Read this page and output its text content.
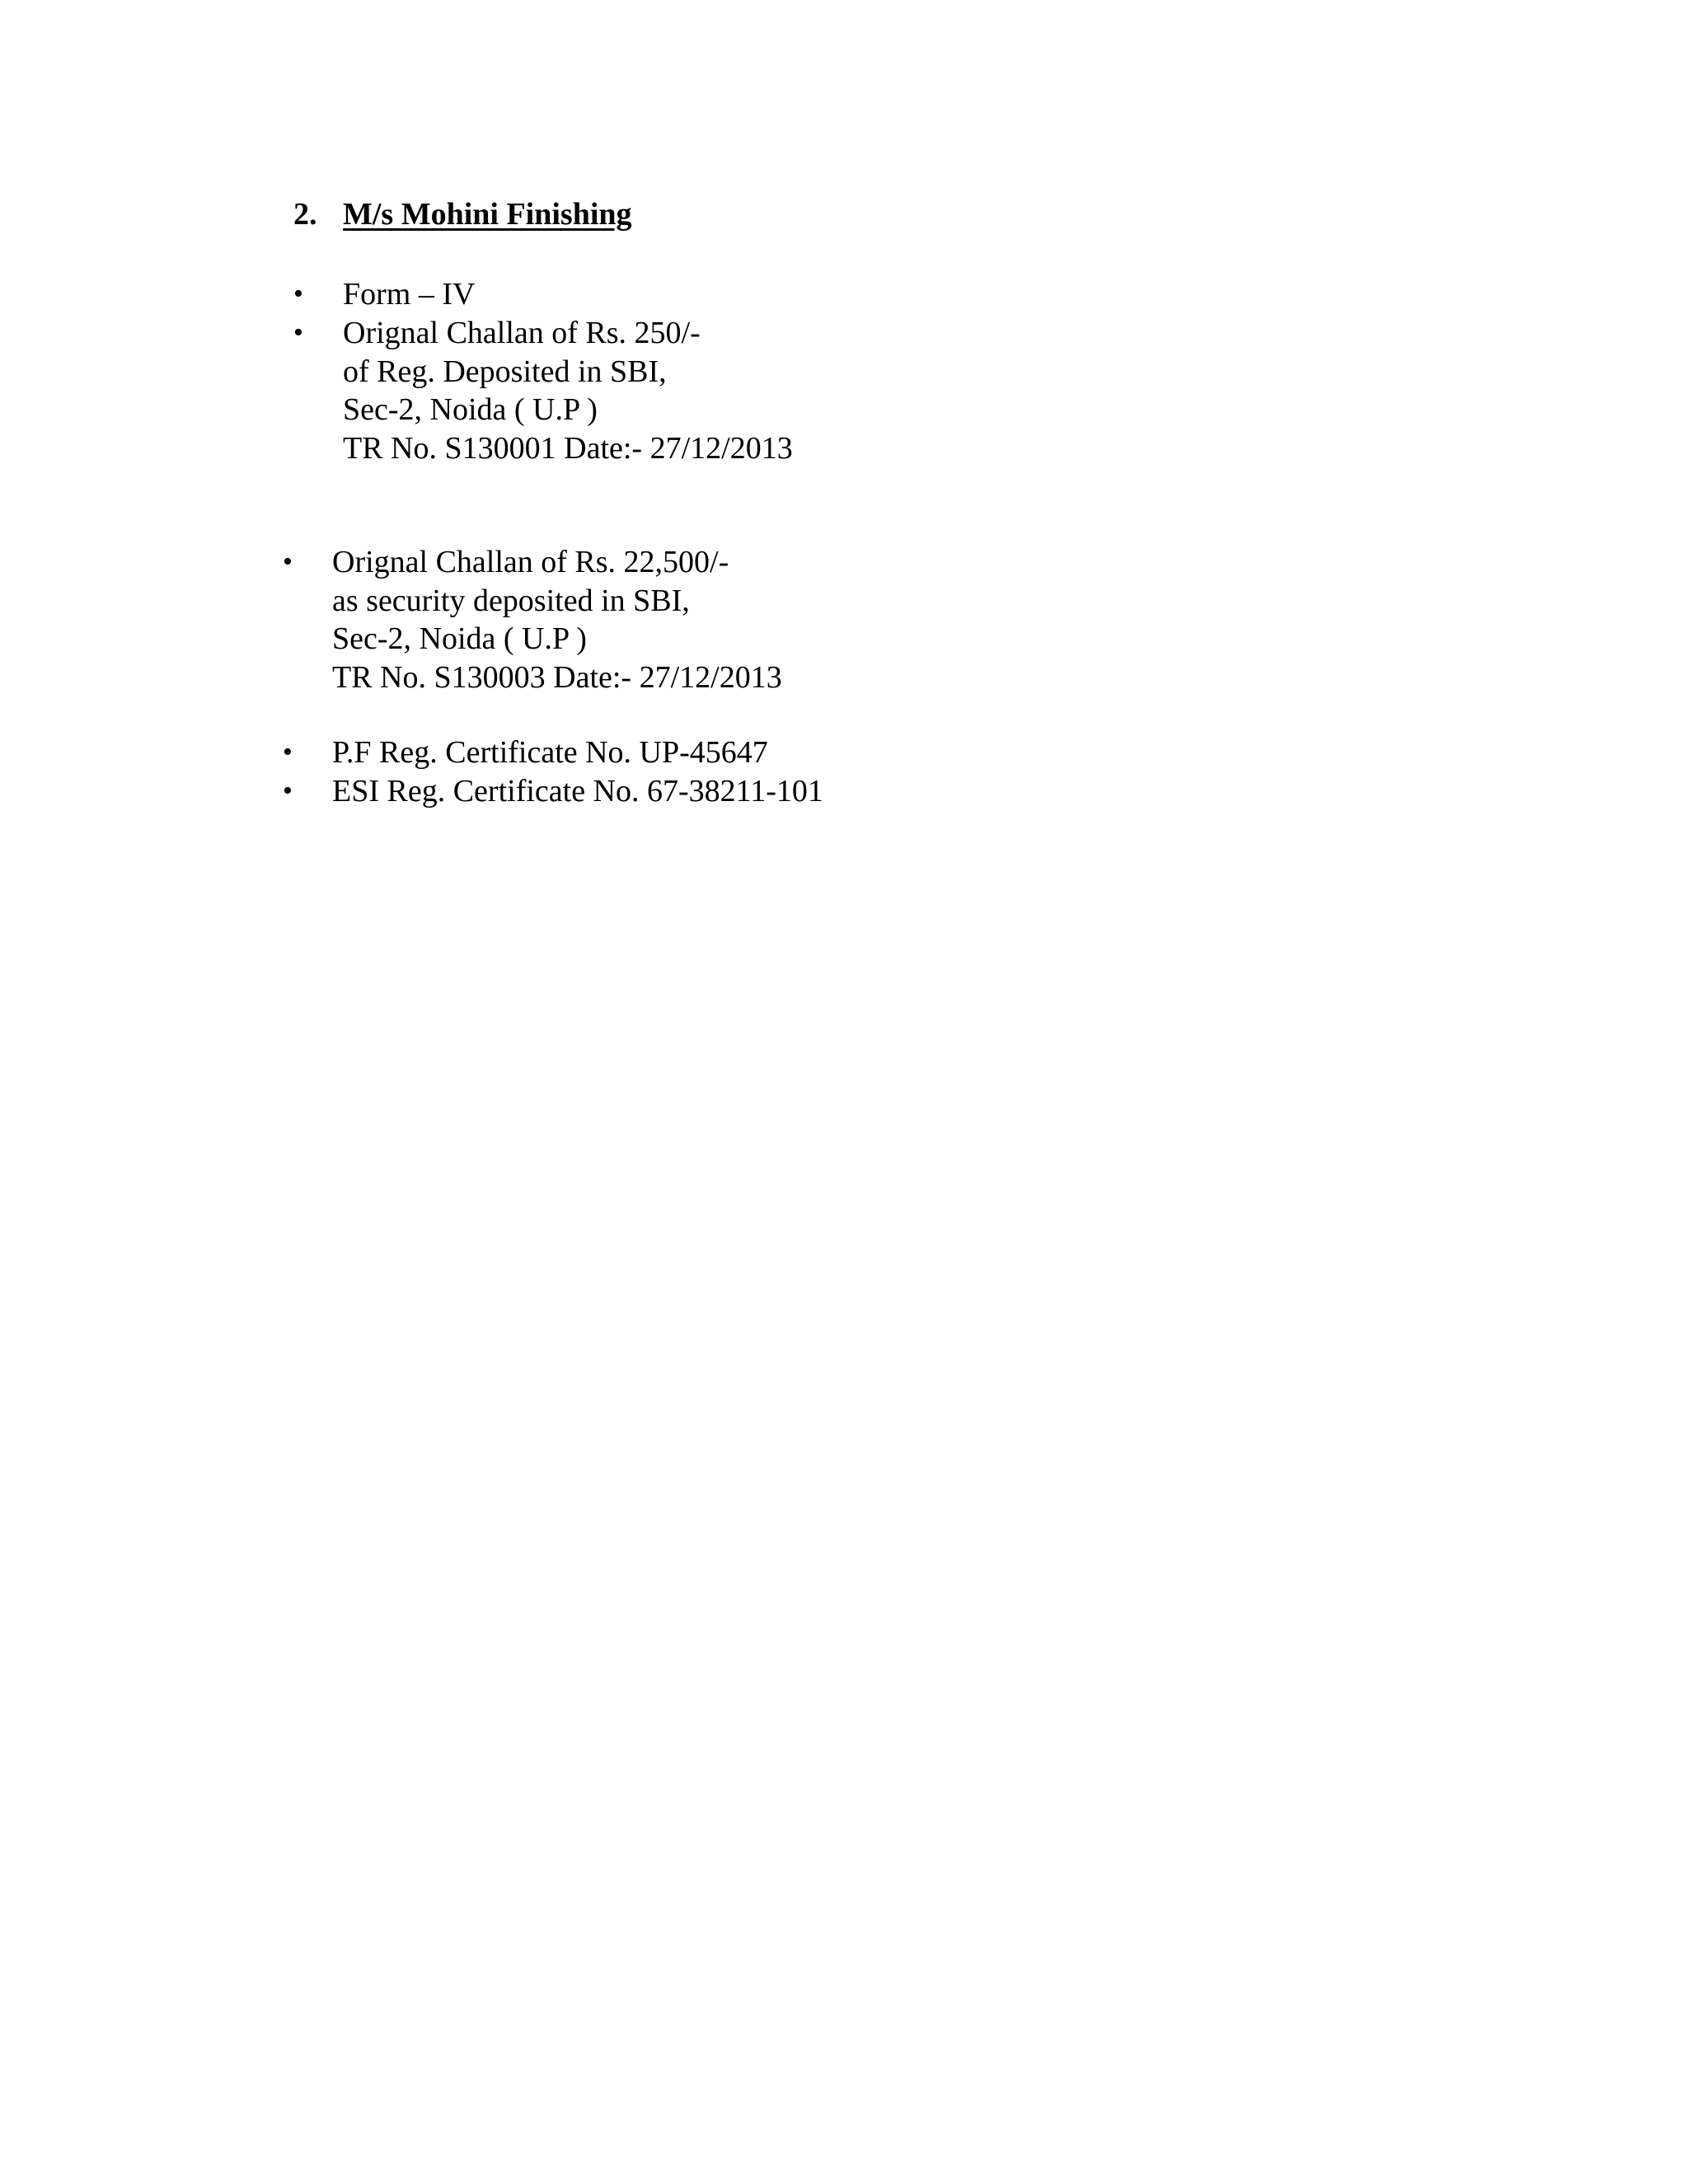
2. M/s Mohini Finishing
• Form – IV
• Orignal Challan of Rs. 250/-
of Reg. Deposited in SBI,
Sec-2, Noida ( U.P )
TR No. S130001 Date:- 27/12/2013
• Orignal Challan of Rs. 22,500/-
as security deposited in SBI,
Sec-2, Noida ( U.P )
TR No. S130003 Date:- 27/12/2013
• P.F Reg. Certificate No. UP-45647
• ESI Reg. Certificate No. 67-38211-101
